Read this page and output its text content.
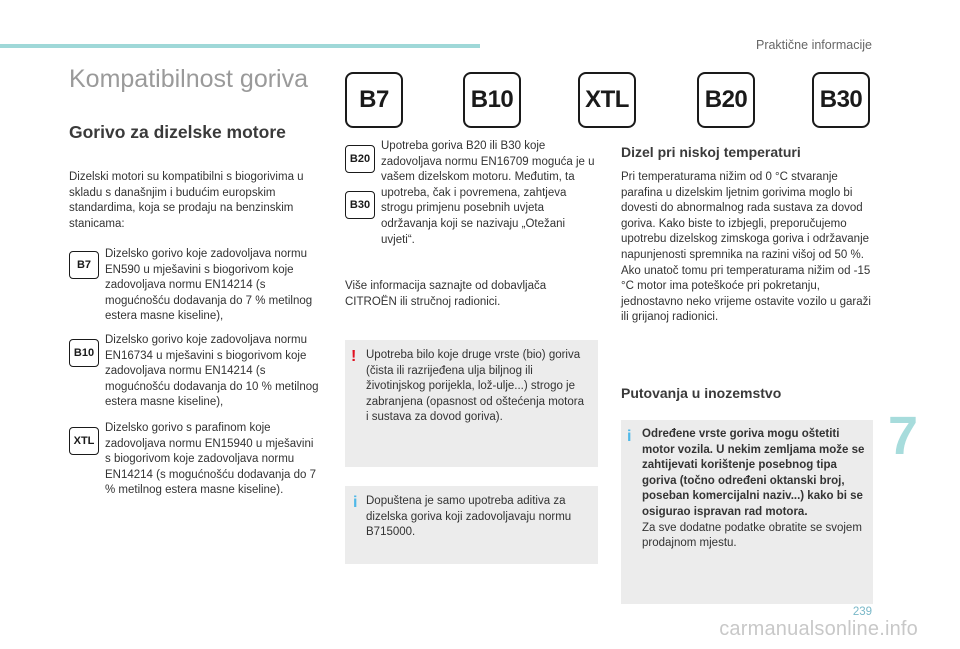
Praktične informacije
Kompatibilnost goriva
B7	B10	XTL	B20	B30
Gorivo za dizelske motore
Dizelski motori su kompatibilni s biogorivima u skladu s današnjim i budućim europskim standardima, koja se prodaju na benzinskim stanicama:
B7
Dizelsko gorivo koje zadovoljava normu EN590 u mješavini s biogorivom koje zadovoljava normu EN14214 (s mogućnošću dodavanja do 7 % metilnog estera masne kiseline),
B10
Dizelsko gorivo koje zadovoljava normu EN16734 u mješavini s biogorivom koje zadovoljava normu EN14214 (s mogućnošću dodavanja do 10 % metilnog estera masne kiseline),
XTL
Dizelsko gorivo s parafinom koje zadovoljava normu EN15940 u mješavini s biogorivom koje zadovoljava normu EN14214 (s mogućnošću dodavanja do 7 % metilnog estera masne kiseline).
B20
B30
Upotreba goriva B20 ili B30 koje zadovoljava normu EN16709 moguća je u vašem dizelskom motoru. Međutim, ta upotreba, čak i povremena, zahtjeva strogu primjenu posebnih uvjeta održavanja koji se nazivaju „Otežani uvjeti“.
Više informacija saznajte od dobavljača CITROËN ili stručnoj radionici.
! Upotreba bilo koje druge vrste (bio) goriva (čista ili razrijeđena ulja biljnog ili životinjskog porijekla, lož-ulje...) strogo je zabranjena (opasnost od oštećenja motora i sustava za dovod goriva).
i Dopuštena je samo upotreba aditiva za dizelska goriva koji zadovoljavaju normu B715000.
Dizel pri niskoj temperaturi
Pri temperaturama nižim od 0 °C stvaranje parafina u dizelskim ljetnim gorivima moglo bi dovesti do abnormalnog rada sustava za dovod goriva. Kako biste to izbjegli, preporučujemo upotrebu dizelskog zimskoga goriva i održavanje napunjenosti spremnika na razini višoj od 50 %.
Ako unatoč tomu pri temperaturama nižim od -15 °C motor ima poteškoće pri pokretanju, jednostavno neko vrijeme ostavite vozilo u garaži ili grijanoj radionici.
Putovanja u inozemstvo
i Određene vrste goriva mogu oštetiti motor vozila. U nekim zemljama može se zahtijevati korištenje posebnog tipa goriva (točno određeni oktanski broj, poseban komercijalni naziv...) kako bi se osigurao ispravan rad motora.
Za sve dodatne podatke obratite se svojem prodajnom mjestu.
7
239
carmanualsonline.info
